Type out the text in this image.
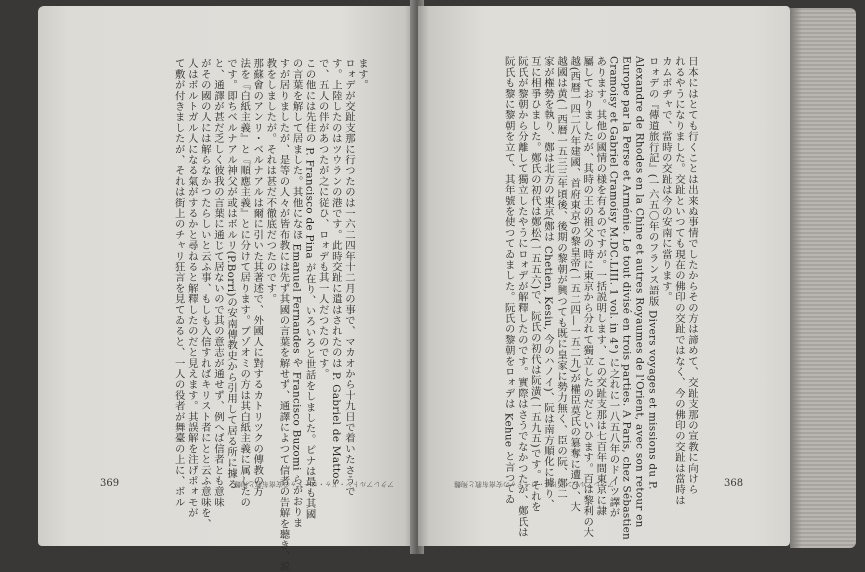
ます。
ロォデが交趾支那に行つたのは一六二四年十二月の事で、マカオから十九日で着いたさうで
す。上陸したのはツウランの港です。此時交趾に遣はされたのは P. Gabriel de Mattos
で、五人の伴があつたが之に従ひ、ロォデも其一人だつたのです。
この他には先住の P. Francisco de Pina が在り、いろいろと世話をしました。ピナは最も其國
の言葉を解して居ました。其他になほ Emanuel Fernandes や Francisco Buzomi らがおりま
すが居りましたが、是等の人々が皆布教には先ず其國の言葉を解せず、通譯によつて信者の告解を聽き、説
教をしましたが。それは甚だ不徹底だつたのです。
那蘇會のアンリ・ベルナアルは爾に引いた其著述で、外國人に對するカトリツクの傳教の方
法を『白紙主義』と『順應主義』とに分けて居ります。ブゾオミの方は其白紙主義に属したの
です。即ちベルナアル神父が或はボルリ(P.Borri)の安南傳教史から引用して居る所に據る
と、通譯が甚だ乏しく彼我の言葉に通じて居ないので其の意志が通せず、例へば信者とも意味
がその國の人には解らなかつたらしいと云ふ事、もしも入信すればキリスト者にとと云ふ意味を、
人はボルトガル人になる氣がするかと尋ねると解釋したのだと見えます。其誤解を注げポォモが
て敷が付きましたが、それは街上のチャリ狂言を見てゐると、一人の役者が舞臺の上に、ボル
369	アクレアルトン・ドゥ・ロードゥの安南布教と殉難	日本にはとても行くことは出来ぬ事情でしたからその方は諦めて、交趾支那の宣教に向けら
れるやうになりました。交趾といつても現在の佛印の交趾ではなく、今の佛印の交趾は當時は
カムボヂャで、當時の交趾は今の安南に當ります。
ロォデの『傳道旅行記』(一六五〇年のフランス語版 Divers voyages et missions du P.
Alexandre de Rhodes en la Chine et autres Royaumes de l'Orient, avec son retour en
Europe par la Perse et Arménie. Le tout divisé en trois parties. A Paris, chez Sébastien
Cramoisy et Gabriel Cramoisy M.DC.LIII. 1 vol. in 4°) に之れに一八五八年のドイツ譯が
あります。其他の國情の様を有るのですが。一括説明します、この交趾支那は七百年間東京に隷
屬しておりましたが、其時の王の祖父の時に東京から分れて獨立したのだといひます。百は黎利の大
越(西暦一四二八年建國、首府東京)の黎皇帝(一五二四—一五二九)が權臣莫氏の簒奪に遭ひ、大
越國は黄(一西暦一五三三年頃後、後期の黎朝が興つても既に皇家に勢力無く、臣の阮、鄭二
家が権勢を執り、鄭は北方の東京(鄭は Chetien, Kesiu, 今のハノイ)、阮は南方順化に據り、
互に相爭ひました。鄭氏の初代は鄭松(一五五六)で、阮氏の初代は阮潢(一五九五)です。それを
阮氏が黎朝から分離して獨立したやうにロォデが解釋したのです。實際はさうでなかつたが、鄭氏は
阮氏も黎に黎朝を立て、其年號を使つてゐました。阮氏の黎朝をロォデは Kehue と言つてゐ	368
アクレアルトン・ドゥ・ロードゥの安南布教と殉難
